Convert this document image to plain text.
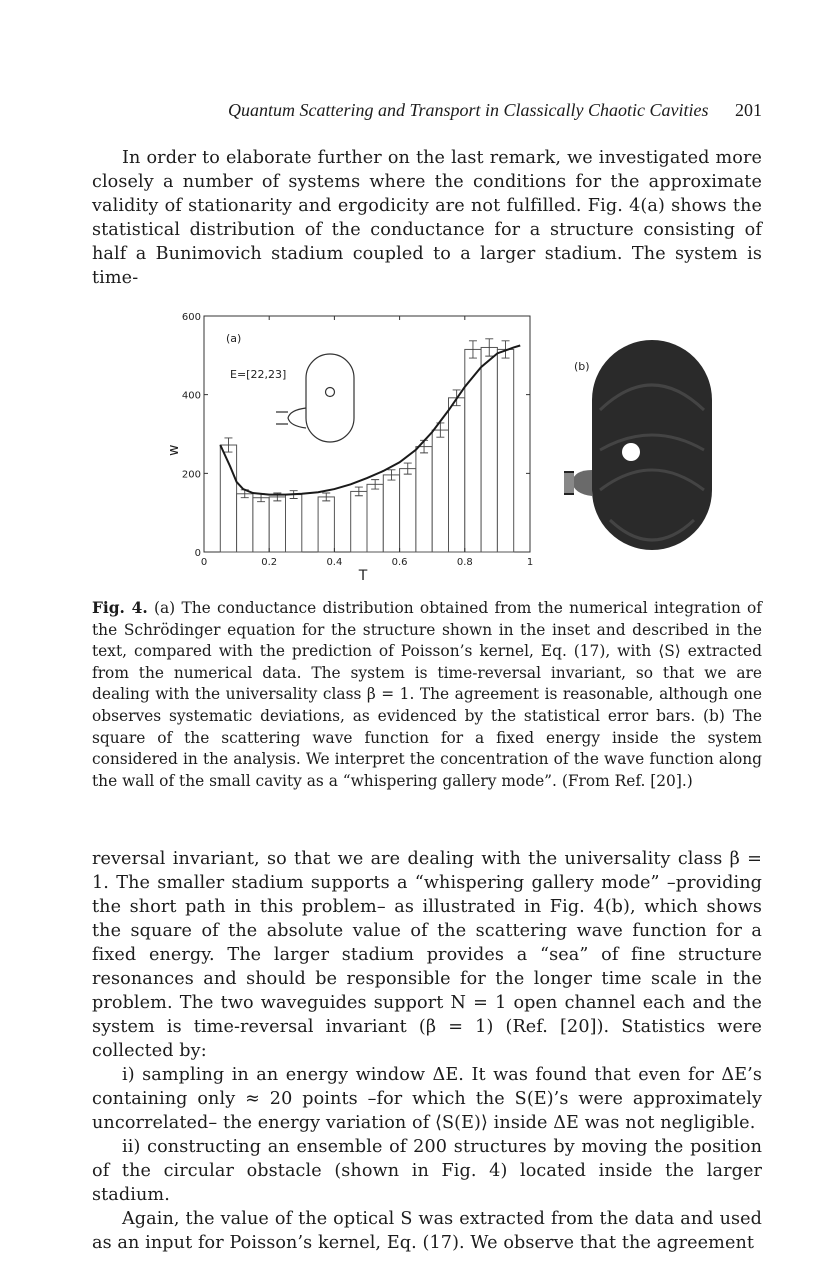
Quantum Scattering and Transport in Classically Chaotic Cavities 201

In order to elaborate further on the last remark, we investigated more closely a number of systems where the conditions for the approximate validity of stationarity and ergodicity are not fulfilled. Fig. 4(a) shows the statistical distribution of the conductance for a structure consisting of half a Bunimovich stadium coupled to a larger stadium. The system is time-

0	0.2	0.4	0.6	0.8	1
0
200
400
600
w
T
(a)
E=[22,23]
(b)
Fig. 4. (a) The conductance distribution obtained from the numerical integration of the Schrödinger equation for the structure shown in the inset and described in the text, compared with the prediction of Poisson’s kernel, Eq. (17), with ⟨S⟩ extracted from the numerical data. The system is time-reversal invariant, so that we are dealing with the universality class β = 1. The agreement is reasonable, although one observes systematic deviations, as evidenced by the statistical error bars. (b) The square of the scattering wave function for a fixed energy inside the system considered in the analysis. We interpret the concentration of the wave function along the wall of the small cavity as a “whispering gallery mode”. (From Ref. [20].)

reversal invariant, so that we are dealing with the universality class β = 1. The smaller stadium supports a “whispering gallery mode” –providing the short path in this problem– as illustrated in Fig. 4(b), which shows the square of the absolute value of the scattering wave function for a fixed energy. The larger stadium provides a “sea” of fine structure resonances and should be responsible for the longer time scale in the problem. The two waveguides support N = 1 open channel each and the system is time-reversal invariant (β = 1) (Ref. [20]). Statistics were collected by:

i) sampling in an energy window ΔE. It was found that even for ΔE’s containing only ≈ 20 points –for which the S(E)’s were approximately uncorrelated– the energy variation of ⟨S(E)⟩ inside ΔE was not negligible.

ii) constructing an ensemble of 200 structures by moving the position of the circular obstacle (shown in Fig. 4) located inside the larger stadium.

Again, the value of the optical S was extracted from the data and used as an input for Poisson’s kernel, Eq. (17). We observe that the agreement
